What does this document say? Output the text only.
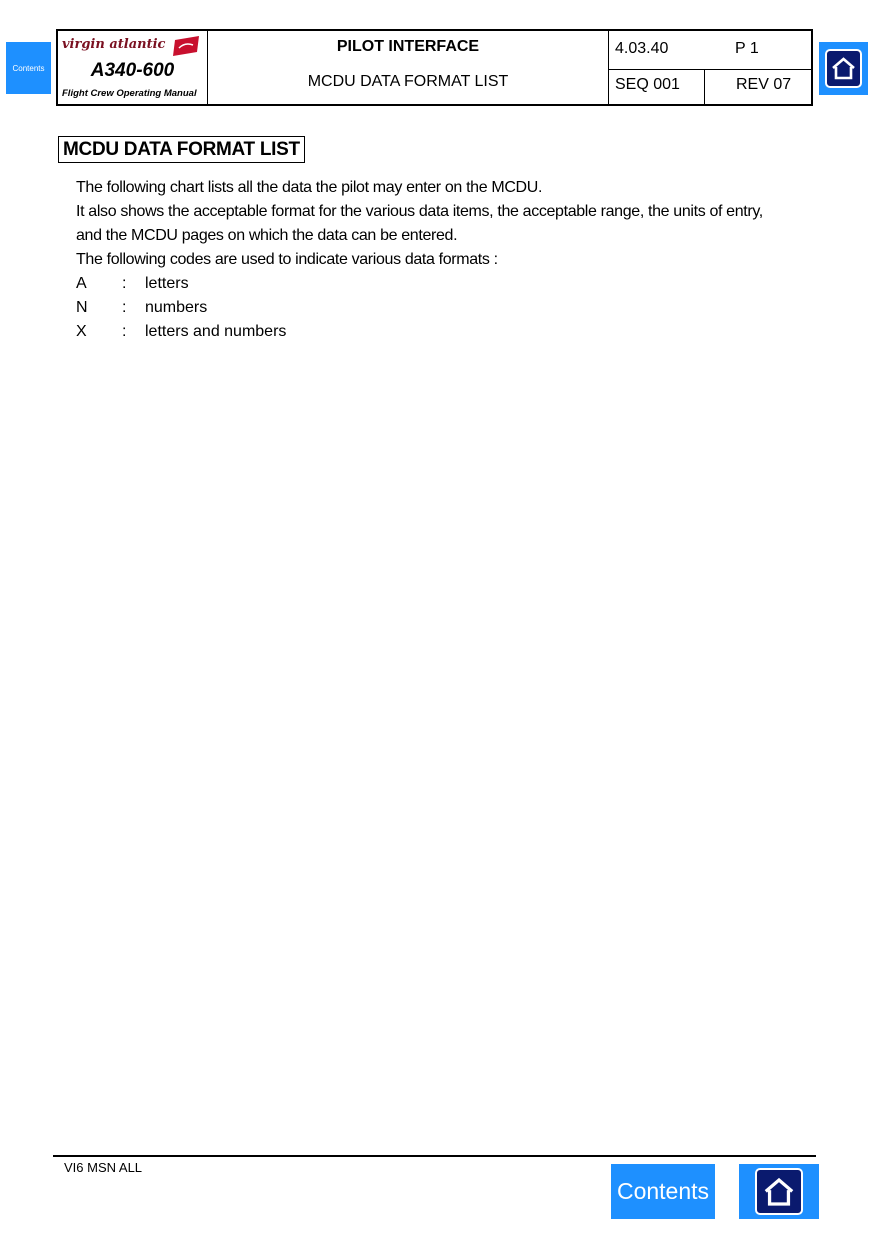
Contents
virgin atlantic
A340-600
Flight Crew Operating Manual
PILOT INTERFACE
MCDU DATA FORMAT LIST
4.03.40	P 1
SEQ 001	REV 07
MCDU DATA FORMAT LIST
The following chart lists all the data the pilot may enter on the MCDU.
It also shows the acceptable format for the various data items, the acceptable range, the units of entry,
and the MCDU pages on which the data can be entered.
The following codes are used to indicate various data formats :
A : letters
N : numbers
X : letters and numbers
VI6 MSN ALL
Contents
